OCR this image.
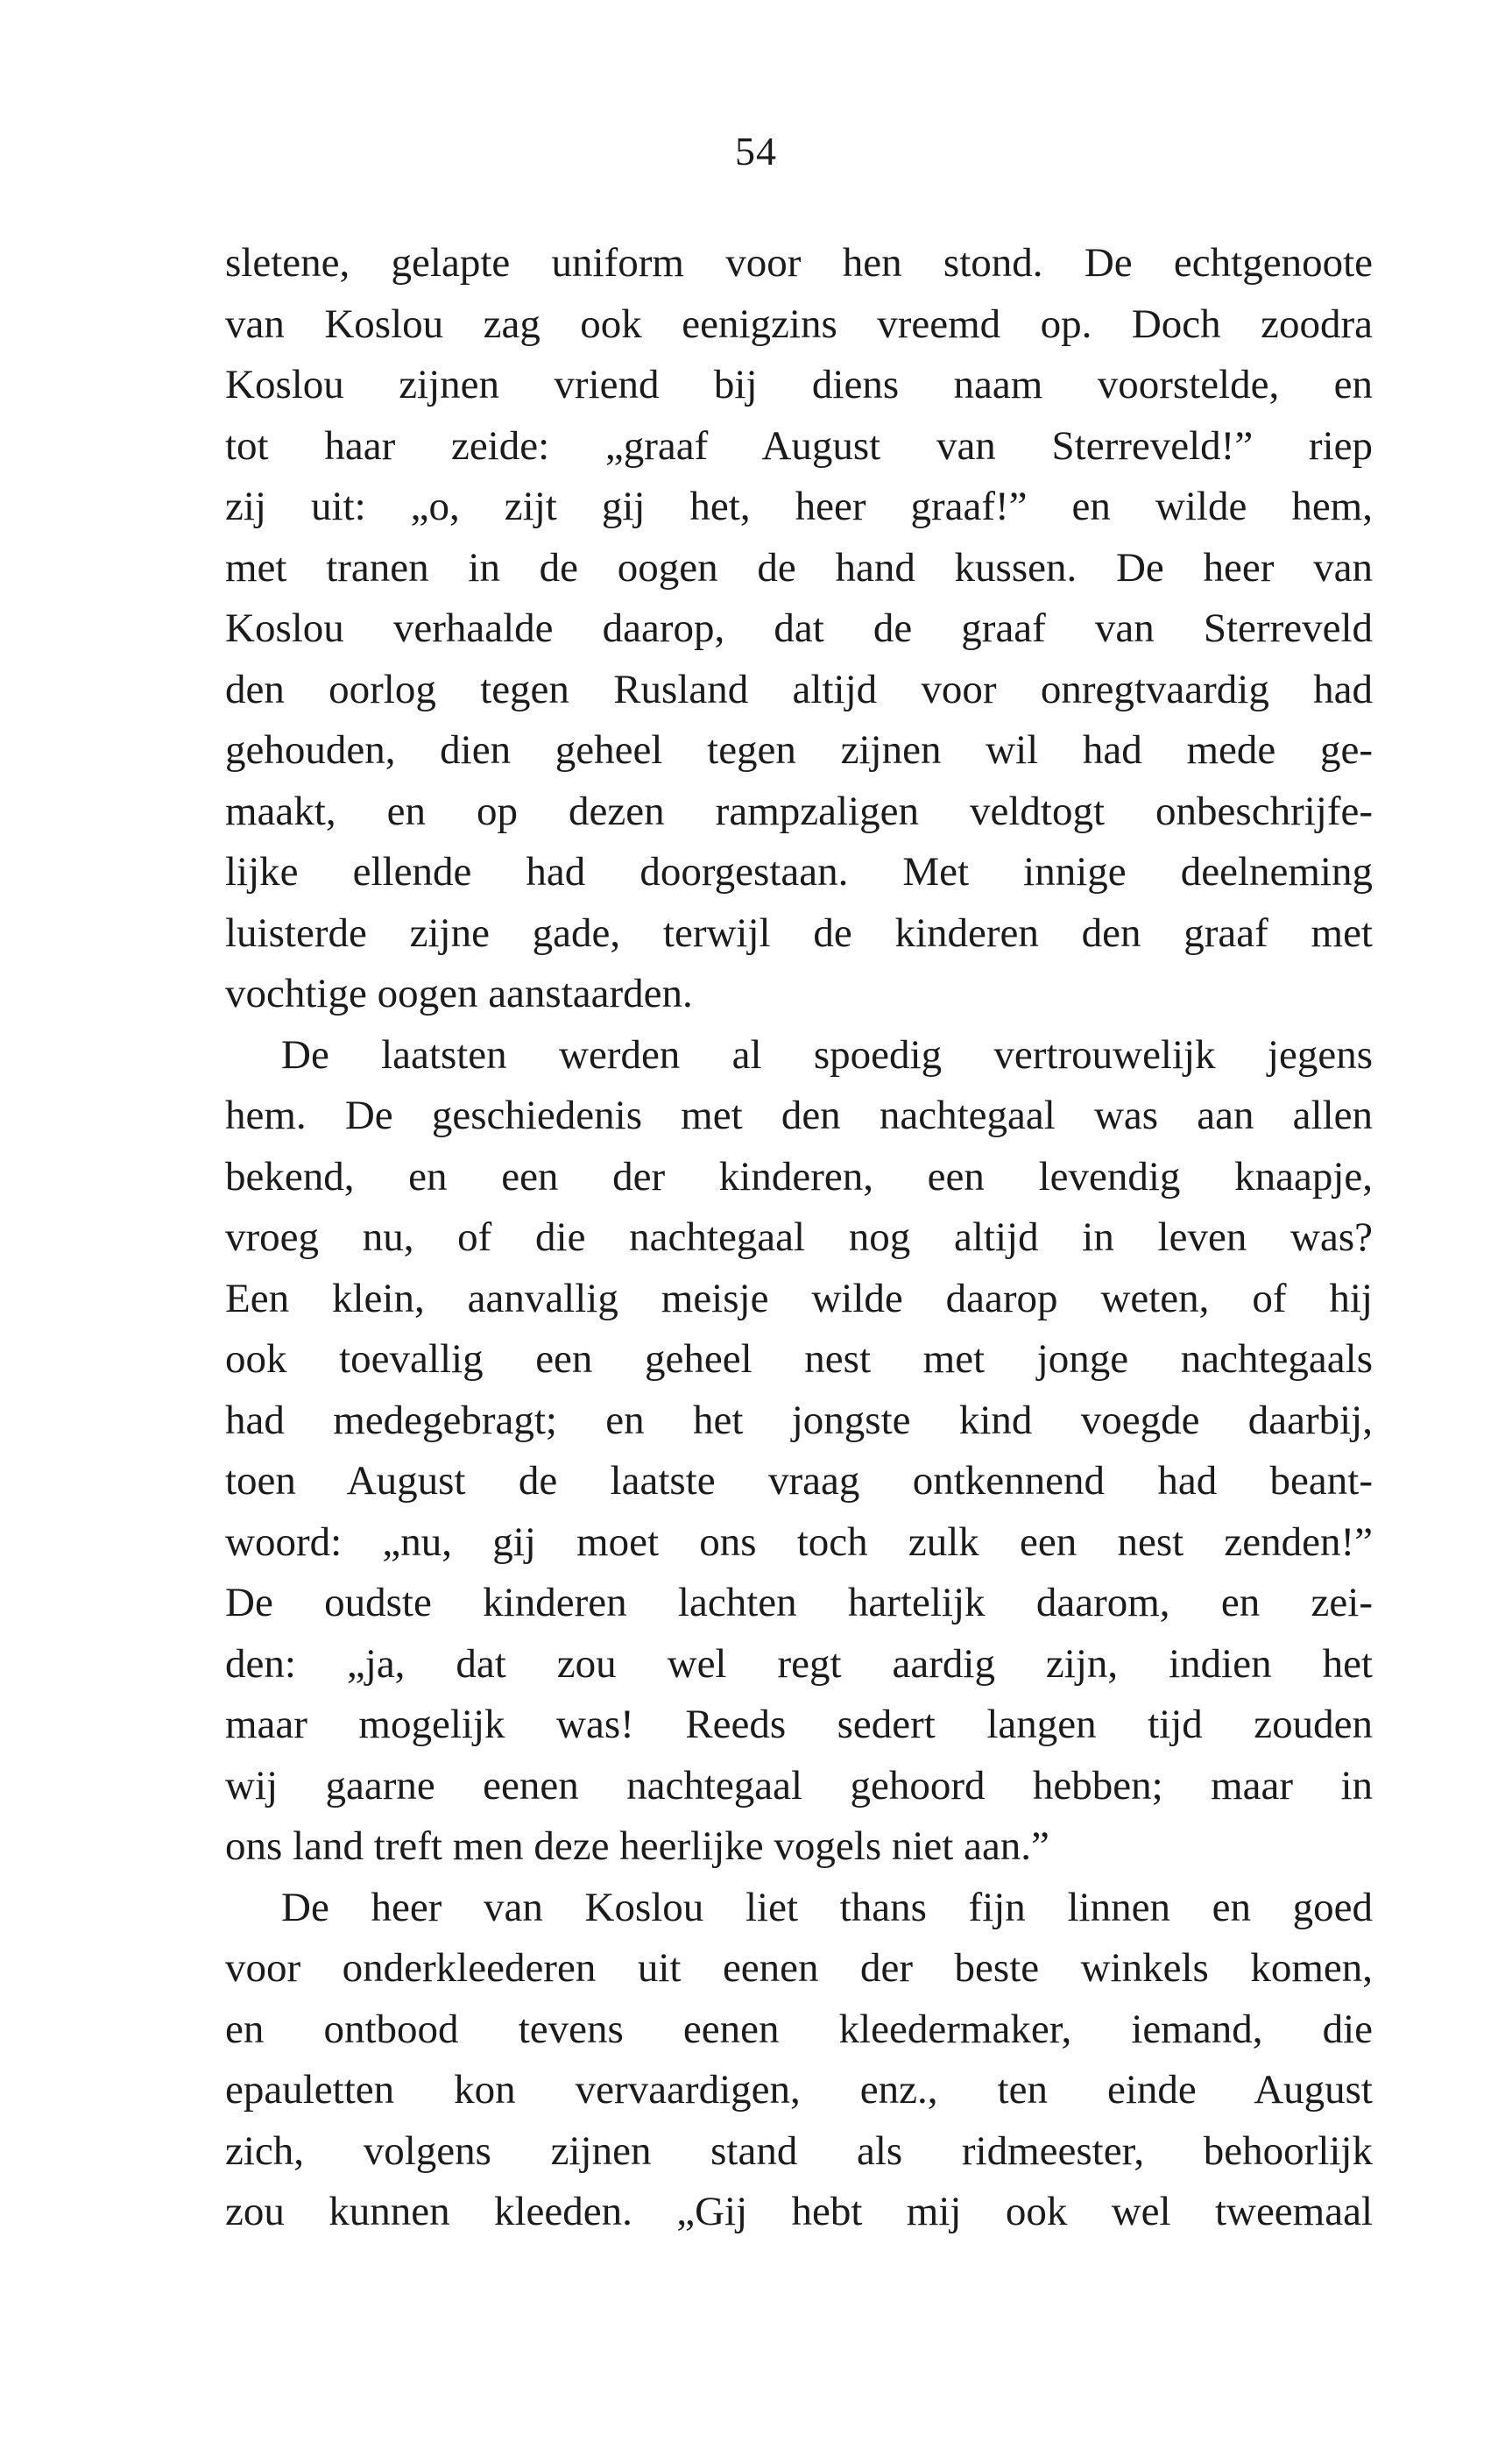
54
sletene, gelapte uniform voor hen stond. De echtgenoote
van Koslou zag ook eenigzins vreemd op. Doch zoodra
Koslou zijnen vriend bij diens naam voorstelde, en
tot haar zeide: „graaf August van Sterreveld!” riep
zij uit: „o, zijt gij het, heer graaf!” en wilde hem,
met tranen in de oogen de hand kussen. De heer van
Koslou verhaalde daarop, dat de graaf van Sterreveld
den oorlog tegen Rusland altijd voor onregtvaardig had
gehouden, dien geheel tegen zijnen wil had mede ge-
maakt, en op dezen rampzaligen veldtogt onbeschrijfe-
lijke ellende had doorgestaan. Met innige deelneming
luisterde zijne gade, terwijl de kinderen den graaf met
vochtige oogen aanstaarden.
De laatsten werden al spoedig vertrouwelijk jegens
hem. De geschiedenis met den nachtegaal was aan allen
bekend, en een der kinderen, een levendig knaapje,
vroeg nu, of die nachtegaal nog altijd in leven was?
Een klein, aanvallig meisje wilde daarop weten, of hij
ook toevallig een geheel nest met jonge nachtegaals
had medegebragt; en het jongste kind voegde daarbij,
toen August de laatste vraag ontkennend had beant-
woord: „nu, gij moet ons toch zulk een nest zenden!”
De oudste kinderen lachten hartelijk daarom, en zei-
den: „ja, dat zou wel regt aardig zijn, indien het
maar mogelijk was! Reeds sedert langen tijd zouden
wij gaarne eenen nachtegaal gehoord hebben; maar in
ons land treft men deze heerlijke vogels niet aan.”
De heer van Koslou liet thans fijn linnen en goed
voor onderkleederen uit eenen der beste winkels komen,
en ontbood tevens eenen kleedermaker, iemand, die
epauletten kon vervaardigen, enz., ten einde August
zich, volgens zijnen stand als ridmeester, behoorlijk
zou kunnen kleeden. „Gij hebt mij ook wel tweemaal
